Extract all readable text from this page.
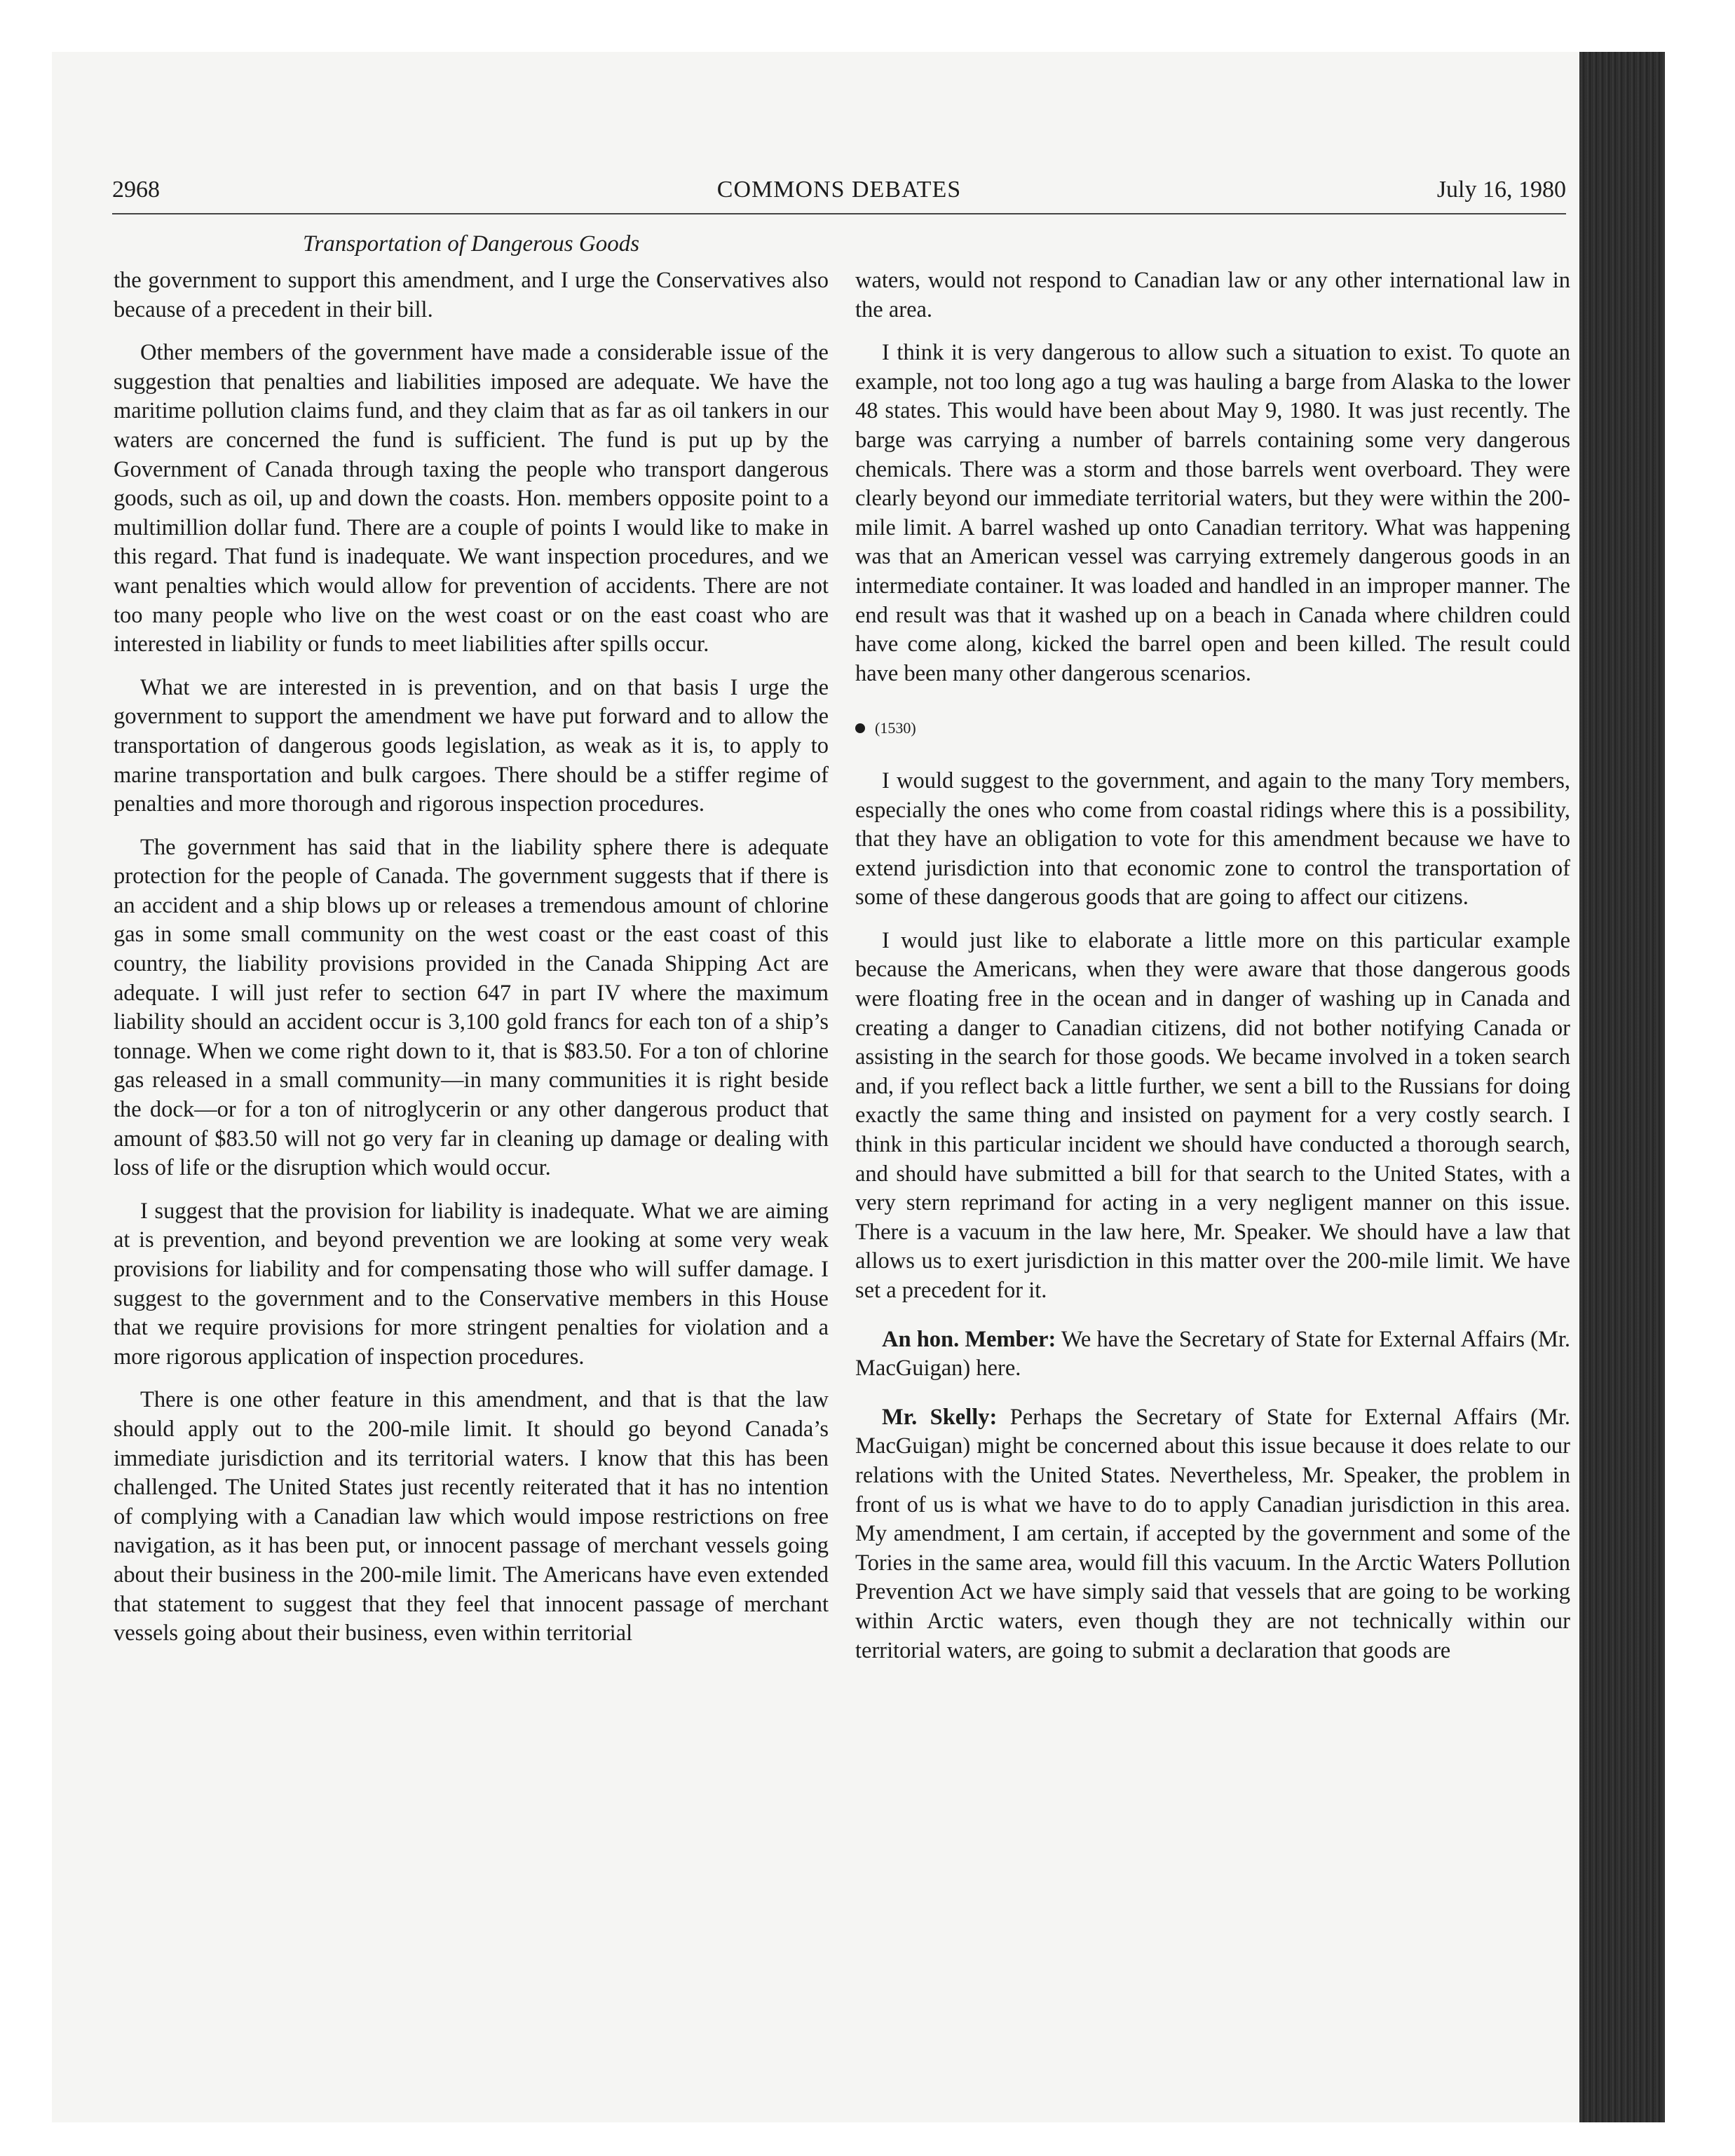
2968	COMMONS DEBATES	July 16, 1980
Transportation of Dangerous Goods

the government to support this amendment, and I urge the Conservatives also because of a precedent in their bill.

Other members of the government have made a considerable issue of the suggestion that penalties and liabilities imposed are adequate. We have the maritime pollution claims fund, and they claim that as far as oil tankers in our waters are concerned the fund is sufficient. The fund is put up by the Government of Canada through taxing the people who transport dangerous goods, such as oil, up and down the coasts. Hon. members opposite point to a multimillion dollar fund. There are a couple of points I would like to make in this regard. That fund is inadequate. We want inspection procedures, and we want penalties which would allow for prevention of accidents. There are not too many people who live on the west coast or on the east coast who are interested in liability or funds to meet liabilities after spills occur.

What we are interested in is prevention, and on that basis I urge the government to support the amendment we have put forward and to allow the transportation of dangerous goods legislation, as weak as it is, to apply to marine transportation and bulk cargoes. There should be a stiffer regime of penalties and more thorough and rigorous inspection procedures.

The government has said that in the liability sphere there is adequate protection for the people of Canada. The government suggests that if there is an accident and a ship blows up or releases a tremendous amount of chlorine gas in some small community on the west coast or the east coast of this country, the liability provisions provided in the Canada Shipping Act are adequate. I will just refer to section 647 in part IV where the maximum liability should an accident occur is 3,100 gold francs for each ton of a ship’s tonnage. When we come right down to it, that is $83.50. For a ton of chlorine gas released in a small community—in many communities it is right beside the dock—or for a ton of nitroglycerin or any other dangerous product that amount of $83.50 will not go very far in cleaning up damage or dealing with loss of life or the disruption which would occur.

I suggest that the provision for liability is inadequate. What we are aiming at is prevention, and beyond prevention we are looking at some very weak provisions for liability and for compensating those who will suffer damage. I suggest to the government and to the Conservative members in this House that we require provisions for more stringent penalties for violation and a more rigorous application of inspection procedures.

There is one other feature in this amendment, and that is that the law should apply out to the 200-mile limit. It should go beyond Canada’s immediate jurisdiction and its territorial waters. I know that this has been challenged. The United States just recently reiterated that it has no intention of complying with a Canadian law which would impose restrictions on free navigation, as it has been put, or innocent passage of merchant vessels going about their business in the 200-mile limit. The Americans have even extended that statement to suggest that they feel that innocent passage of merchant vessels going about their business, even within territorial

waters, would not respond to Canadian law or any other international law in the area.

I think it is very dangerous to allow such a situation to exist. To quote an example, not too long ago a tug was hauling a barge from Alaska to the lower 48 states. This would have been about May 9, 1980. It was just recently. The barge was carrying a number of barrels containing some very dangerous chemicals. There was a storm and those barrels went overboard. They were clearly beyond our immediate territorial waters, but they were within the 200-mile limit. A barrel washed up onto Canadian territory. What was happening was that an American vessel was carrying extremely dangerous goods in an intermediate container. It was loaded and handled in an improper manner. The end result was that it washed up on a beach in Canada where children could have come along, kicked the barrel open and been killed. The result could have been many other dangerous scenarios.

(1530)

I would suggest to the government, and again to the many Tory members, especially the ones who come from coastal ridings where this is a possibility, that they have an obligation to vote for this amendment because we have to extend jurisdiction into that economic zone to control the transportation of some of these dangerous goods that are going to affect our citizens.

I would just like to elaborate a little more on this particular example because the Americans, when they were aware that those dangerous goods were floating free in the ocean and in danger of washing up in Canada and creating a danger to Canadian citizens, did not bother notifying Canada or assisting in the search for those goods. We became involved in a token search and, if you reflect back a little further, we sent a bill to the Russians for doing exactly the same thing and insisted on payment for a very costly search. I think in this particular incident we should have conducted a thorough search, and should have submitted a bill for that search to the United States, with a very stern reprimand for acting in a very negligent manner on this issue. There is a vacuum in the law here, Mr. Speaker. We should have a law that allows us to exert jurisdiction in this matter over the 200-mile limit. We have set a precedent for it.

An hon. Member: We have the Secretary of State for External Affairs (Mr. MacGuigan) here.

Mr. Skelly: Perhaps the Secretary of State for External Affairs (Mr. MacGuigan) might be concerned about this issue because it does relate to our relations with the United States. Nevertheless, Mr. Speaker, the problem in front of us is what we have to do to apply Canadian jurisdiction in this area. My amendment, I am certain, if accepted by the government and some of the Tories in the same area, would fill this vacuum. In the Arctic Waters Pollution Prevention Act we have simply said that vessels that are going to be working within Arctic waters, even though they are not technically within our territorial waters, are going to submit a declaration that goods are
